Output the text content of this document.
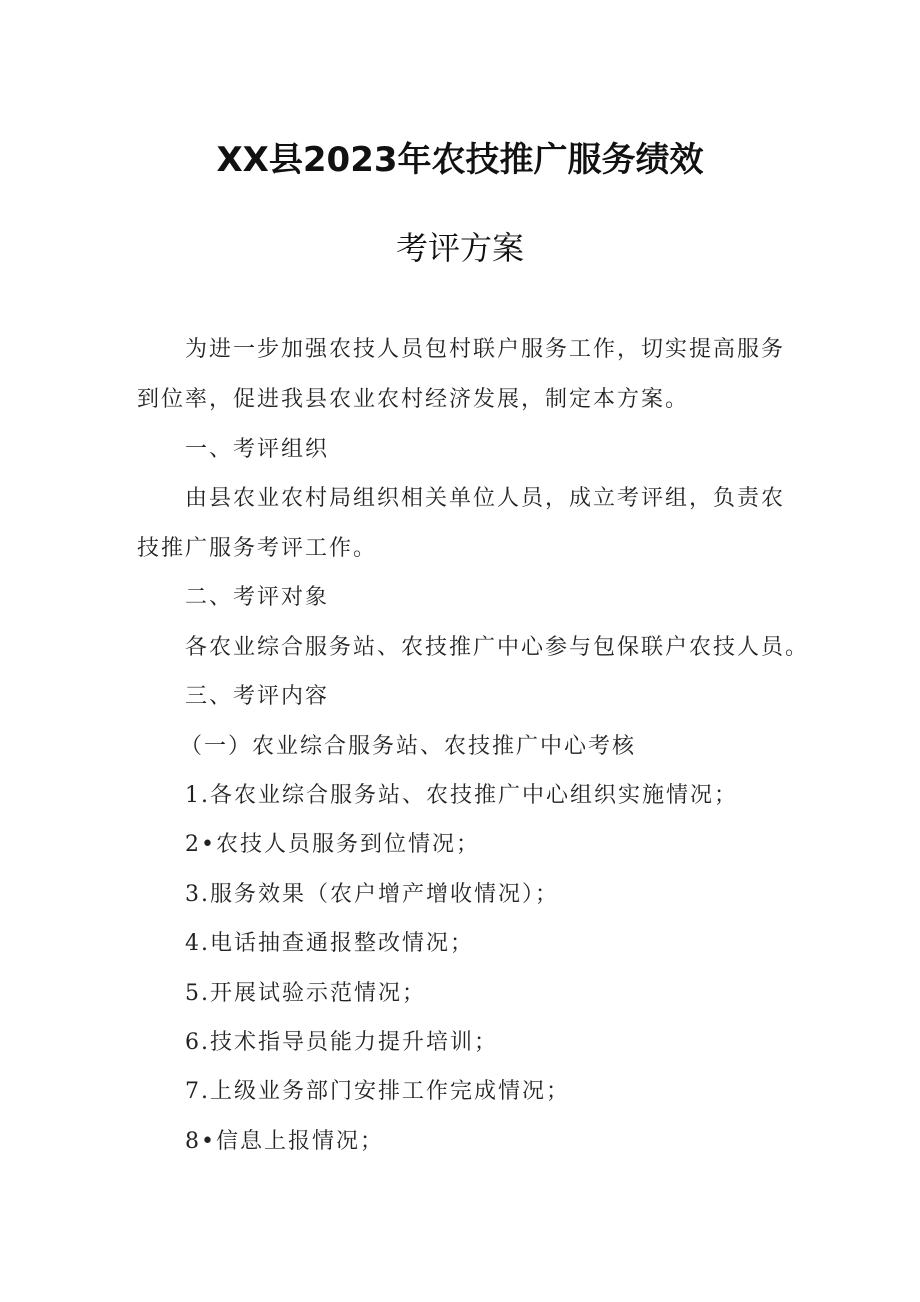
XX县2023年农技推广服务绩效
考评方案

为进一步加强农技人员包村联户服务工作，切实提高服务到位率，促进我县农业农村经济发展，制定本方案。

一、考评组织

由县农业农村局组织相关单位人员，成立考评组，负责农技推广服务考评工作。

二、考评对象

各农业综合服务站、农技推广中心参与包保联户农技人员。

三、考评内容

（一）农业综合服务站、农技推广中心考核

1.各农业综合服务站、农技推广中心组织实施情况；

2•农技人员服务到位情况；

3.服务效果（农户增产增收情况）；

4.电话抽查通报整改情况；

5.开展试验示范情况；

6.技术指导员能力提升培训；

7.上级业务部门安排工作完成情况；

8•信息上报情况；
